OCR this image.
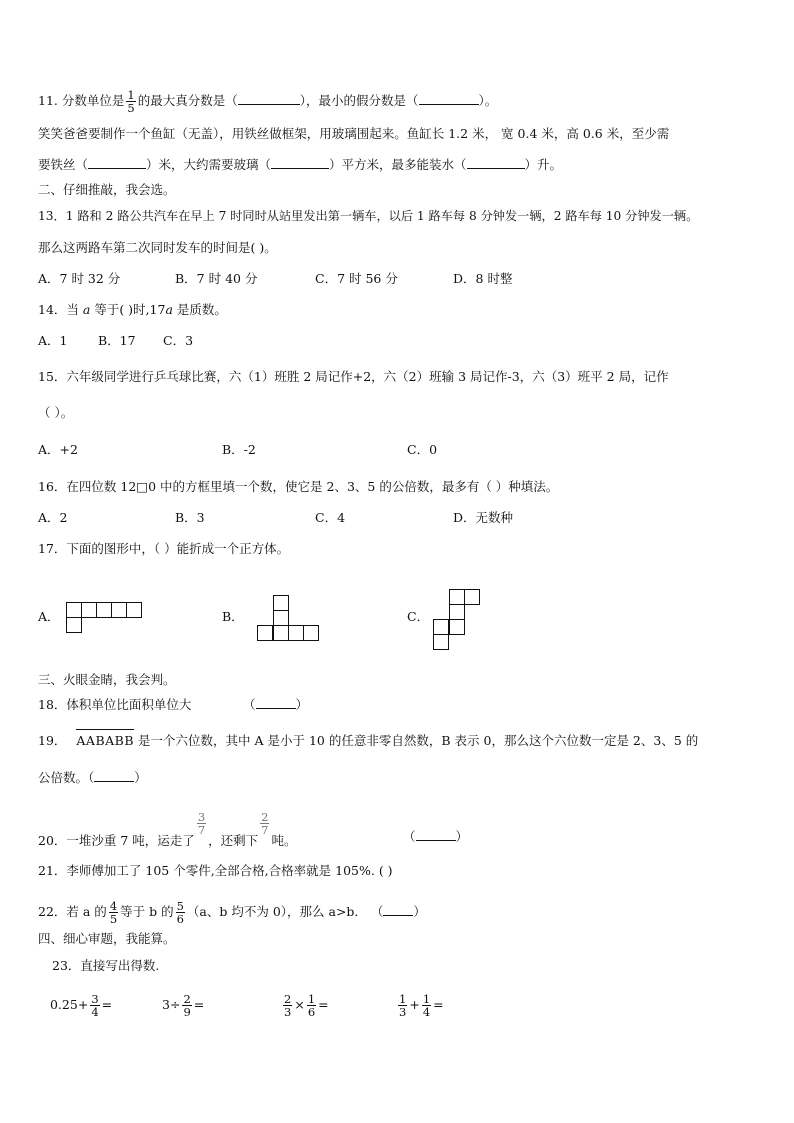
11. 分数单位是 $\frac{1}{5}$ 的最大真分数是（	），最小的假分数是（	）。
笑笑爸爸要制作一个鱼缸（无盖），用铁丝做框架，用玻璃围起来。鱼缸长 1.2 米， 宽 0.4 米，高 0.6 米，至少需
要铁丝（	）米，大约需要玻璃（	）平方米，最多能装水（	）升。
二、仔细推敲，我会选。
13．1 路和 2 路公共汽车在早上 7 时同时从站里发出第一辆车，以后 1 路车每 8 分钟发一辆，2 路车每 10 分钟发一辆。
那么这两路车第二次同时发车的时间是( )。
A．7 时 32 分	B．7 时 40 分	C．7 时 56 分	D．8 时整
14．当 a 等于( )时,17a 是质数。
A．1 B．17 C．3
15．六年级同学进行乒乓球比赛，六（1）班胜 2 局记作+2，六（2）班输 3 局记作-3，六（3）班平 2 局，记作
（ ）。
A．+2	B．-2	C．0
16．在四位数 12□0 中的方框里填一个数，使它是 2、3、5 的公倍数，最多有（ ）种填法。
A．2	B．3	C．4	D．无数种
17．下面的图形中，（ ）能折成一个正方体。
A．	B．	C．
三、火眼金睛，我会判。
18．体积单位比面积单位大	（	）
19． AABABB 是一个六位数，其中 A 是小于 10 的任意非零自然数，B 表示 0，那么这个六位数一定是 2、3、5 的
公倍数。（	）
20．一堆沙重 7 吨，运走了
$\frac{3}{7}$
，还剩下
$\frac{2}{7}$
吨。	（	）
21．李师傅加工了 105 个零件,全部合格,合格率就是 105%. ( )
22．若 a 的 $\frac{4}{5}$ 等于 b 的 $\frac{5}{6} (a$、b 均不为 0），那么 a>b． （ ）
四、细心审题，我能算。
23．直接写出得数.
$0.25+ \frac{3}{4}$ =	$3\div \frac{2}{9}$ =	$\frac{2}{3} \times \frac{1}{6}$ =	$\frac{1}{3} + \frac{1}{4}$ =
